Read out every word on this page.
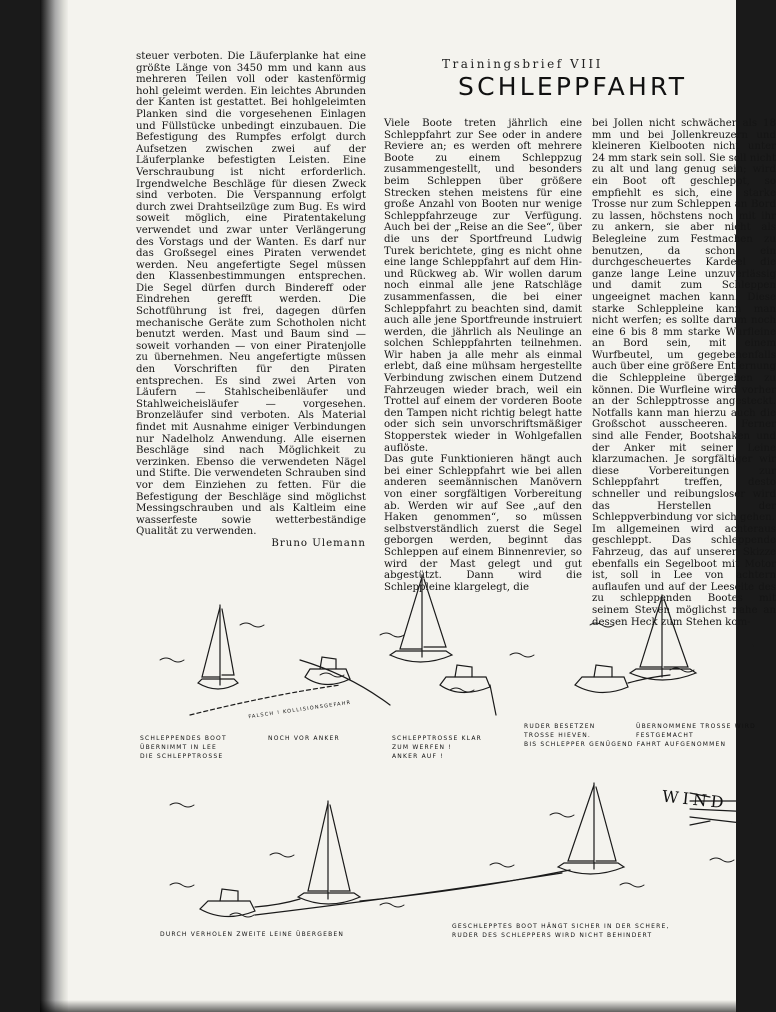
steuer verboten. Die Läuferplanke hat eine größte Länge von 3450 mm und kann aus mehreren Teilen voll oder kastenförmig hohl geleimt werden. Ein leichtes Abrunden der Kanten ist gestattet. Bei hohlgeleimten Planken sind die vorgesehenen Einlagen und Füllstücke unbedingt einzubauen. Die Befestigung des Rumpfes erfolgt durch Aufsetzen zwischen zwei auf der Läuferplanke befestigten Leisten. Eine Verschraubung ist nicht erforderlich. Irgendwelche Beschläge für diesen Zweck sind verboten. Die Verspannung erfolgt durch zwei Drahtseilzüge zum Bug. Es wird soweit möglich, eine Piratentakelung verwendet und zwar unter Verlängerung des Vorstags und der Wanten. Es darf nur das Großsegel eines Piraten verwendet werden. Neu angefertigte Segel müssen den Klassenbestimmungen entsprechen. Die Segel dürfen durch Bindereff oder Eindrehen gerefft werden. Die Schotführung ist frei, dagegen dürfen mechanische Geräte zum Schotholen nicht benutzt werden. Mast und Baum sind — soweit vorhanden — von einer Piratenjolle zu übernehmen. Neu angefertigte müssen den Vorschriften für den Piraten entsprechen. Es sind zwei Arten von Läufern — Stahlscheibenläufer und Stahlweicheisläufer — vorgesehen. Bronzeläufer sind verboten. Als Material findet mit Ausnahme einiger Verbindungen nur Nadelholz Anwendung. Alle eisernen Beschläge sind nach Möglichkeit zu verzinken. Ebenso die verwendeten Nägel und Stifte. Die verwendeten Schrauben sind vor dem Einziehen zu fetten. Für die Befestigung der Beschläge sind möglichst Messingschrauben und als Kaltleim eine wasserfeste sowie wetterbeständige Qualität zu verwenden.

Bruno Ulemann

Trainingsbrief VIII
SCHLEPPFAHRT

Viele Boote treten jährlich eine Schleppfahrt zur See oder in andere Reviere an; es werden oft mehrere Boote zu einem Schleppzug zusammengestellt, und besonders beim Schleppen über größere Strecken stehen meistens für eine große Anzahl von Booten nur wenige Schleppfahrzeuge zur Verfügung. Auch bei der „Reise an die See“, über die uns der Sportfreund Ludwig Turek berichtete, ging es nicht ohne eine lange Schleppfahrt auf dem Hin- und Rückweg ab. Wir wollen darum noch einmal alle jene Ratschläge zusammenfassen, die bei einer Schleppfahrt zu beachten sind, damit auch alle jene Sportfreunde instruiert werden, die jährlich als Neulinge an solchen Schleppfahrten teilnehmen. Wir haben ja alle mehr als einmal erlebt, daß eine mühsam hergestellte Verbindung zwischen einem Dutzend Fahrzeugen wieder brach, weil ein Trottel auf einem der vorderen Boote den Tampen nicht richtig belegt hatte oder sich sein unvorschriftsmäßiger Stopperstek wieder in Wohlgefallen auflöste.

Das gute Funktionieren hängt auch bei einer Schleppfahrt wie bei allen anderen seemännischen Manövern von einer sorgfältigen Vorbereitung ab. Werden wir auf See „auf den Haken genommen“, so müssen selbstverständlich zuerst die Segel geborgen werden, beginnt das Schleppen auf einem Binnenrevier, so wird der Mast gelegt und gut abgestützt. Dann wird die Schleppleine klargelegt, die

bei Jollen nicht schwächer als 18 mm und bei Jollenkreuzern und kleineren Kielbooten nicht unter 24 mm stark sein soll. Sie soll nicht zu alt und lang genug sein; wird ein Boot oft geschleppt, so empfiehlt es sich, eine starke Trosse nur zum Schleppen an Bord zu lassen, höchstens noch mit ihr zu ankern, sie aber nicht als Belegleine zum Festmachen zu benutzen, da schon ein durchgescheuertes Kardeel die ganze lange Leine unzuverlässig und damit zum Schleppen ungeeignet machen kann. Diese starke Schleppleine kann man nicht werfen; es sollte darum noch eine 6 bis 8 mm starke Wurfleine an Bord sein, mit einem Wurfbeutel, um gegebenenfalls auch über eine größere Entfernung die Schleppleine übergeben zu können. Die Wurfleine wird vorher an der Schlepptrosse angesteckt. Notfalls kann man hierzu auch die Großschot ausscheeren. Ferner sind alle Fender, Bootshaken und der Anker mit seiner Leine klarzumachen. Je sorgfältiger wir diese Vorbereitungen zur Schleppfahrt treffen, desto schneller und reibungsloser wird das Herstellen der Schleppverbindung vor sich gehen.

Im allgemeinen wird achteraus geschleppt. Das schleppende Fahrzeug, das auf unserer Skizze ebenfalls ein Segelboot mit Motor ist, soll in Lee von achtern auflaufen und auf der Leeseite des zu schleppenden Bootes mit seinem Steven möglichst nahe an dessen Heck zum Stehen kom-

SCHLEPPENDES BOOT
ÜBERNIMMT IN LEE
DIE SCHLEPPTROSSE
NOCH VOR ANKER	SCHLEPPTROSSE KLAR
ZUM WERFEN !
ANKER AUF !
RUDER BESETZEN
TROSSE HIEVEN.
BIS SCHLEPPER GENÜGEND FAHRT AUFGENOMMEN
ÜBERNOMMENE TROSSE WIRD
FESTGEMACHT
FALSCH ! KOLLISIONSGEFAHR
DURCH VERHOLEN ZWEITE LEINE ÜBERGEBEN
GESCHLEPPTES BOOT HÄNGT SICHER IN DER SCHERE,
RUDER DES SCHLEPPERS WIRD NICHT BEHINDERT
WIND
